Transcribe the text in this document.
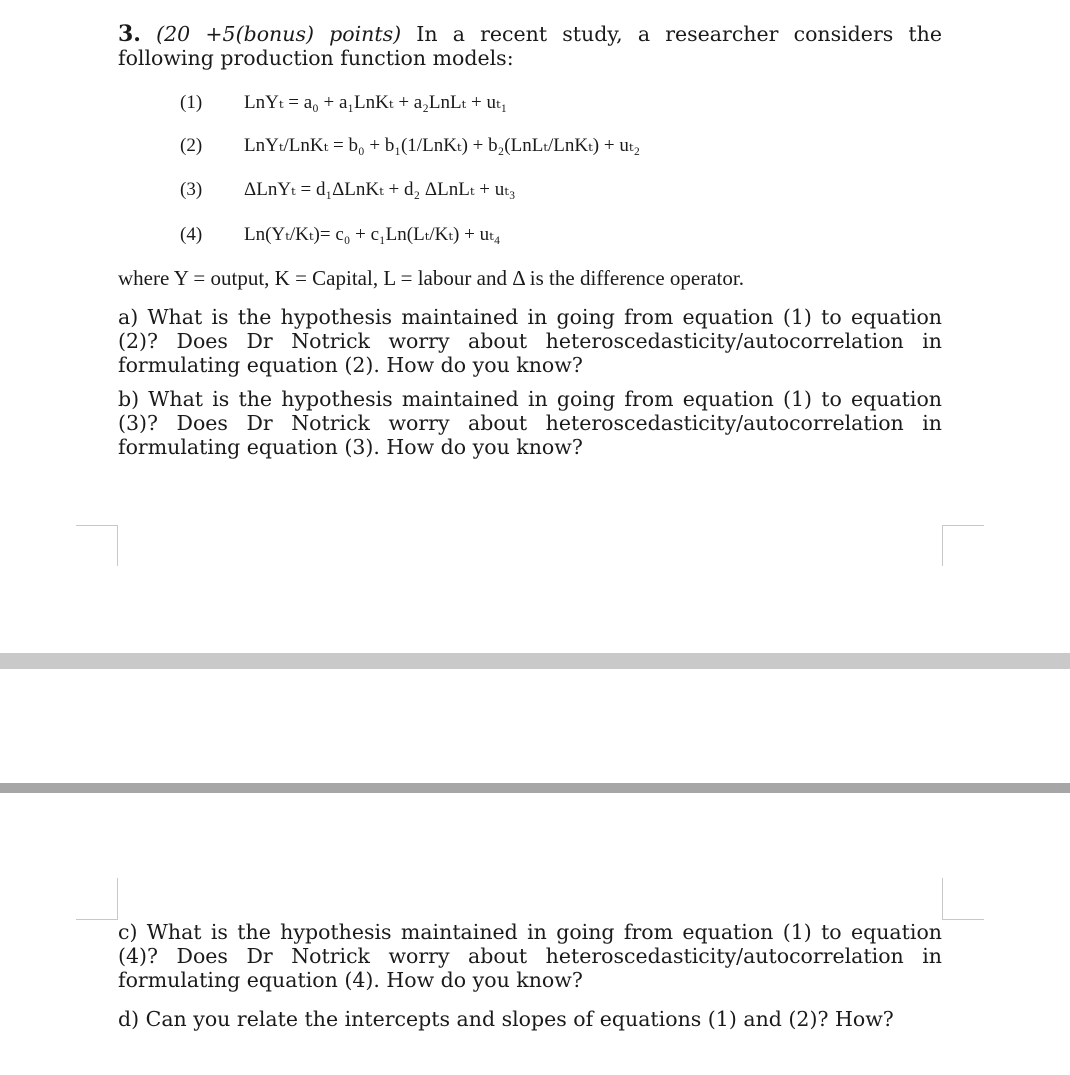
3. (20 +5(bonus) points) In a recent study, a researcher considers the following production function models:
(1) LnYₜ = a₀ + a₁LnKₜ + a₂LnLₜ + uₜ₁
(2) LnYₜ/LnKₜ = b₀ + b₁(1/LnKₜ) + b₂(LnLₜ/LnKₜ) + uₜ₂
(3) ΔLnYₜ = d₁ΔLnKₜ + d₂ ΔLnLₜ + uₜ₃
(4) Ln(Yₜ/Kₜ)= c₀ + c₁Ln(Lₜ/Kₜ) + uₜ₄
where Y = output, K = Capital, L = labour and Δ is the difference operator.
a) What is the hypothesis maintained in going from equation (1) to equation (2)? Does Dr Notrick worry about heteroscedasticity/autocorrelation in formulating equation (2). How do you know?
b) What is the hypothesis maintained in going from equation (1) to equation (3)? Does Dr Notrick worry about heteroscedasticity/autocorrelation in formulating equation (3). How do you know?
c) What is the hypothesis maintained in going from equation (1) to equation (4)? Does Dr Notrick worry about heteroscedasticity/autocorrelation in formulating equation (4). How do you know?
d) Can you relate the intercepts and slopes of equations (1) and (2)? How?
